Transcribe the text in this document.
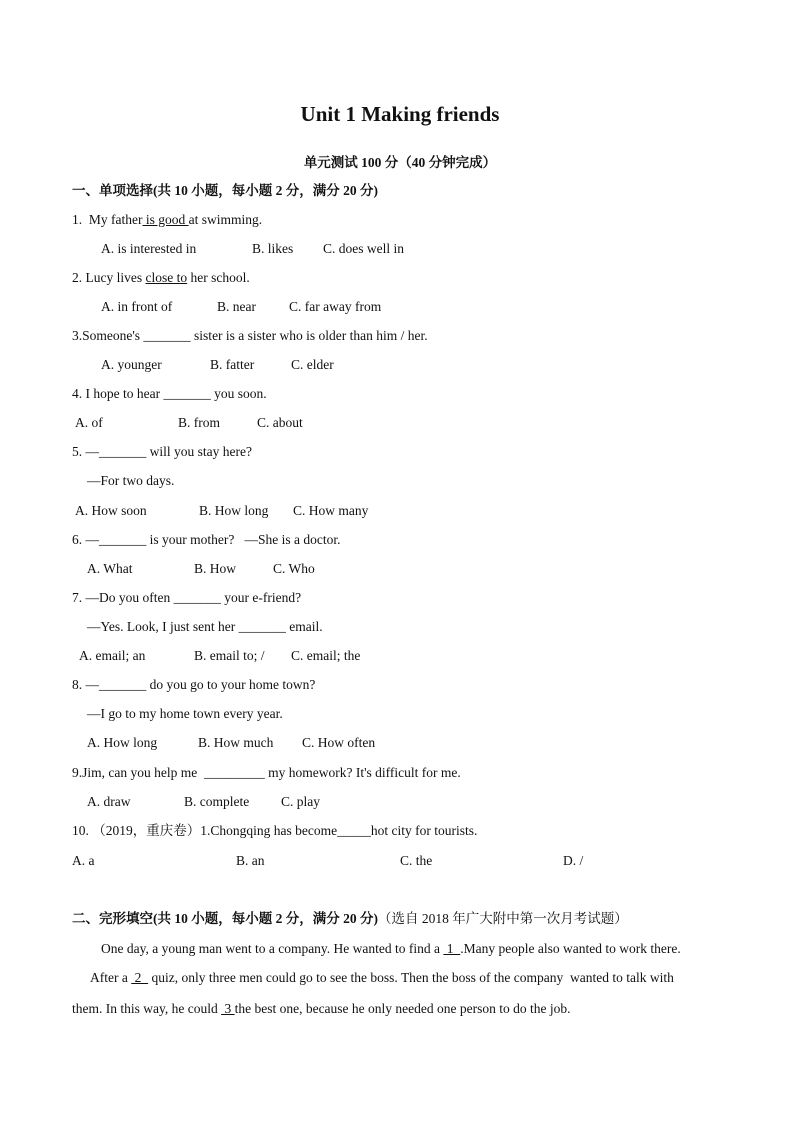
Unit 1 Making friends
单元测试 100 分（40 分钟完成）
一、单项选择(共 10 小题，每小题 2 分，满分 20 分)
1.  My father is good at swimming.
A. is interested in	B. likes C. does well in
2. Lucy lives close to her school.
A. in front of	B. near C. far away from
3.Someone's _______ sister is a sister who is older than him / her.
A. younger	B. fatter	C. elder
4. I hope to hear _______ you soon.
A. of	B. from	C. about
5. —_______ will you stay here?
—For two days.
A. How soon	B. How long C. How many
6. —_______ is your mother?   —She is a doctor.
A. What	B. How	C. Who
7. —Do you often _______ your e-friend?
—Yes. Look, I just sent her _______ email.
A. email; an	B. email to; / C. email; the
8. —_______ do you go to your home town?
—I go to my home town every year.
A. How long	B. How much C. How often
9.Jim, can you help me  _________ my homework? It's difficult for me.
A. draw	B. complete C. play
10. （2019，重庆卷）1.Chongqing has become_____hot city for tourists.
A. a	B. an	C. the	D. /
二、完形填空(共 10 小题，每小题 2 分，满分 20 分)（选自 2018 年广大附中第一次月考试题）
One day, a young man went to a company. He wanted to find a  1  .Many people also wanted to work there.
After a  2   quiz, only three men could go to see the boss. Then the boss of the company  wanted to talk with
them. In this way, he could  3 the best one, because he only needed one person to do the job.
